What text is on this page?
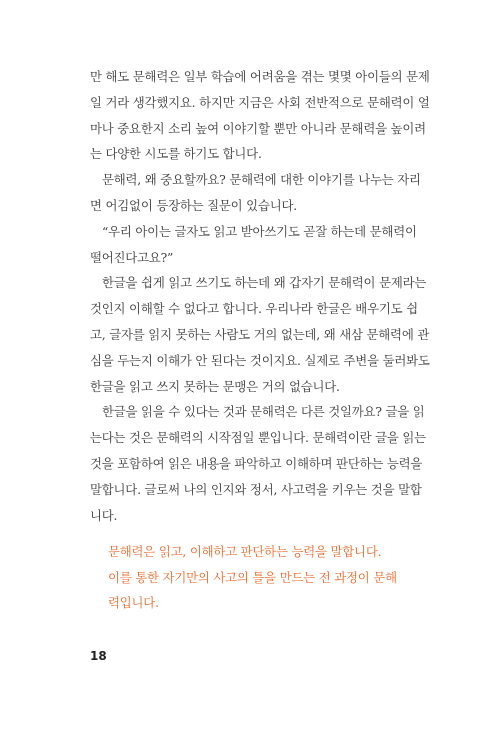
만 해도 문해력은 일부 학습에 어려움을 겪는 몇몇 아이들의 문제
일 거라 생각했지요. 하지만 지금은 사회 전반적으로 문해력이 얼
마나 중요한지 소리 높여 이야기할 뿐만 아니라 문해력을 높이려
는 다양한 시도를 하기도 합니다.
문해력, 왜 중요할까요? 문해력에 대한 이야기를 나누는 자리
면 어김없이 등장하는 질문이 있습니다.
“우리 아이는 글자도 읽고 받아쓰기도 곧잘 하는데 문해력이
떨어진다고요?”
한글을 쉽게 읽고 쓰기도 하는데 왜 갑자기 문해력이 문제라는
것인지 이해할 수 없다고 합니다. 우리나라 한글은 배우기도 쉽
고, 글자를 읽지 못하는 사람도 거의 없는데, 왜 새삼 문해력에 관
심을 두는지 이해가 안 된다는 것이지요. 실제로 주변을 둘러봐도
한글을 읽고 쓰지 못하는 문맹은 거의 없습니다.
한글을 읽을 수 있다는 것과 문해력은 다른 것일까요? 글을 읽
는다는 것은 문해력의 시작점일 뿐입니다. 문해력이란 글을 읽는
것을 포함하여 읽은 내용을 파악하고 이해하며 판단하는 능력을
말합니다. 글로써 나의 인지와 정서, 사고력을 키우는 것을 말합
니다.
문해력은 읽고, 이해하고 판단하는 능력을 말합니다.
이를 통한 자기만의 사고의 틀을 만드는 전 과정이 문해
력입니다.
18
